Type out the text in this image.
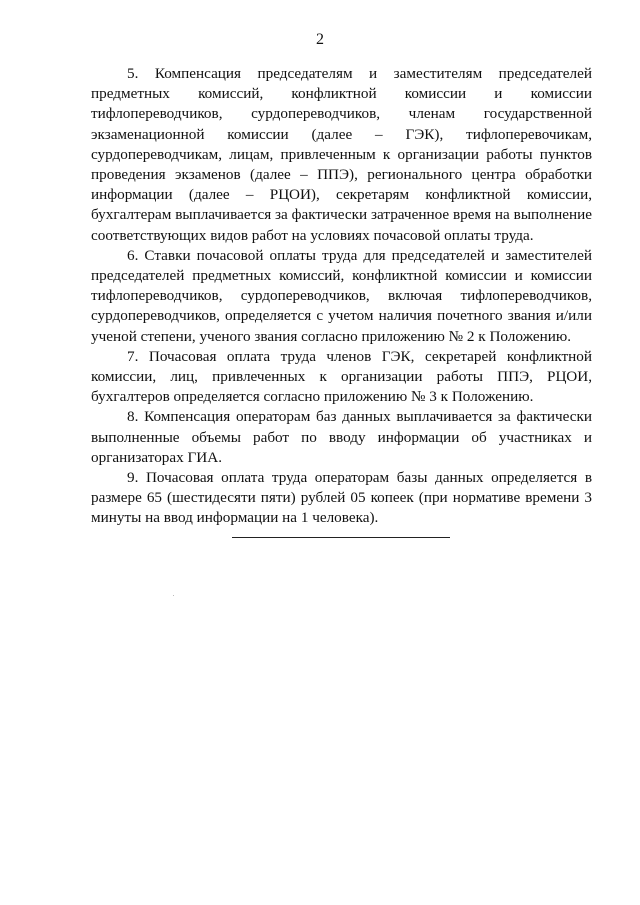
2
5. Компенсация председателям и заместителям председателей
предметных комиссий, конфликтной комиссии и комиссии
тифлопереводчиков, сурдопереводчиков, членам государственной
экзаменационной комиссии (далее – ГЭК), тифлоперевочикам,
сурдопереводчикам, лицам, привлеченным к организации работы пунктов
проведения экзаменов (далее – ППЭ), регионального центра обработки
информации (далее – РЦОИ), секретарям конфликтной комиссии,
бухгалтерам выплачивается за фактически затраченное время на выполнение
соответствующих видов работ на условиях почасовой оплаты труда.
6. Ставки почасовой оплаты труда для председателей и заместителей
председателей предметных комиссий, конфликтной комиссии и комиссии
тифлопереводчиков, сурдопереводчиков, включая тифлопереводчиков,
сурдопереводчиков, определяется с учетом наличия почетного звания и/или
ученой степени, ученого звания согласно приложению № 2 к Положению.
7. Почасовая оплата труда членов ГЭК, секретарей конфликтной
комиссии, лиц, привлеченных к организации работы ППЭ, РЦОИ,
бухгалтеров определяется согласно приложению № 3 к Положению.
8. Компенсация операторам баз данных выплачивается за фактически
выполненные объемы работ по вводу информации об участниках и
организаторах ГИА.
9. Почасовая оплата труда операторам базы данных определяется в
размере 65 (шестидесяти пяти) рублей 05 копеек (при нормативе времени 3
минуты на ввод информации на 1 человека).
